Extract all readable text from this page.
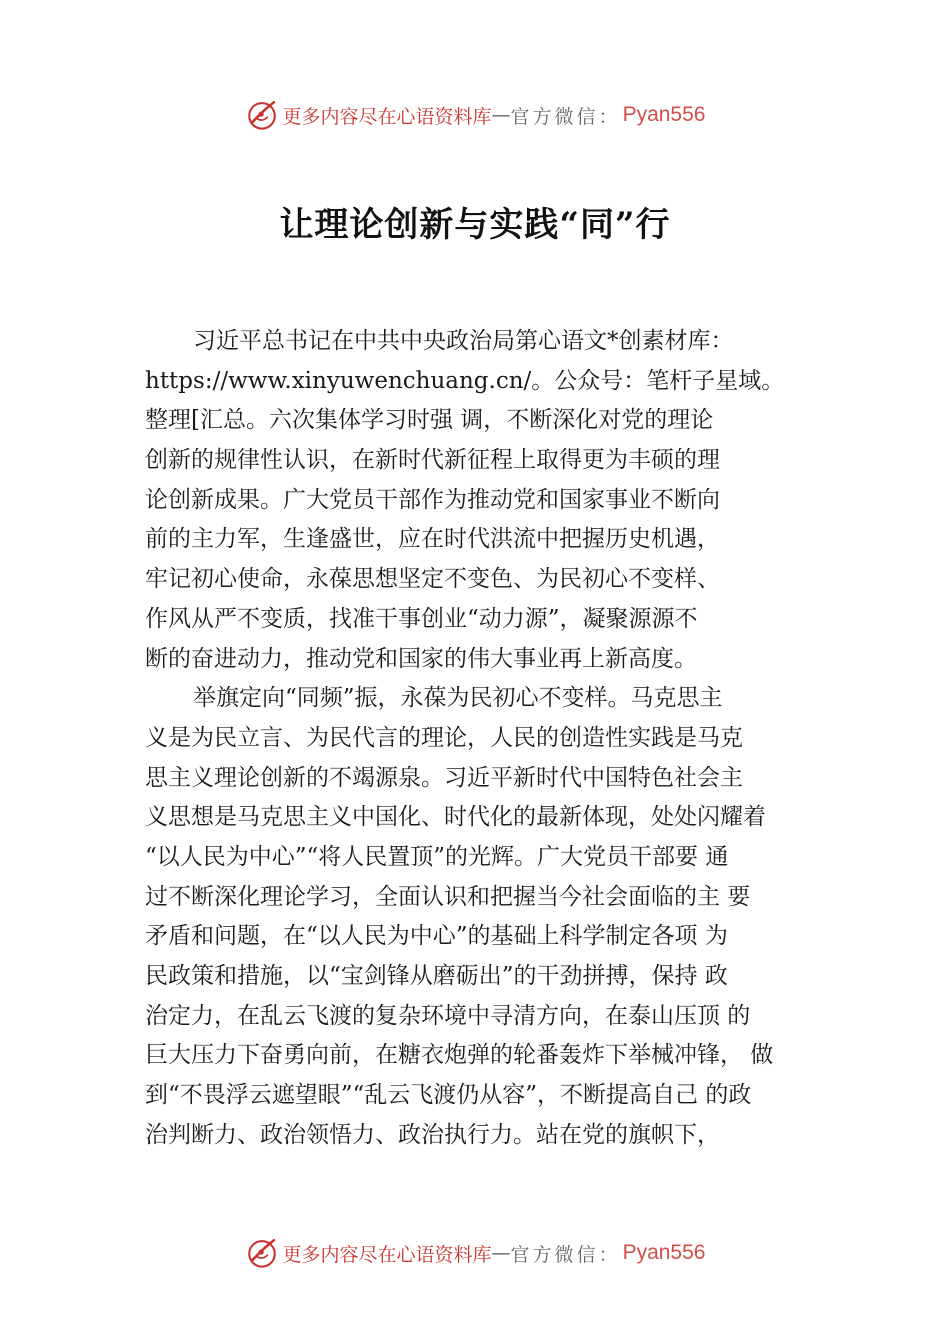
更多内容尽在心语资料库 — 官方微信： Pyan556
让理论创新与实践“同”行
习近平总书记在中共中央政治局第心语文*创素材库：
https://www.xinyuwenchuang.cn/。公众号：笔杆子星域。
整理[汇总。六次集体学习时强 调，不断深化对党的理论
创新的规律性认识，在新时代新征程上取得更为丰硕的理
论创新成果。广大党员干部作为推动党和国家事业不断向
前的主力军，生逢盛世，应在时代洪流中把握历史机遇，
牢记初心使命，永葆思想坚定不变色、为民初心不变样、
作风从严不变质，找准干事创业“动力源”，凝聚源源不
断的奋进动力，推动党和国家的伟大事业再上新高度。
举旗定向“同频”振，永葆为民初心不变样。马克思主
义是为民立言、为民代言的理论，人民的创造性实践是马克
思主义理论创新的不竭源泉。习近平新时代中国特色社会主
义思想是马克思主义中国化、时代化的最新体现，处处闪耀着
“以人民为中心”“将人民置顶”的光辉。广大党员干部要 通
过不断深化理论学习，全面认识和把握当今社会面临的主 要
矛盾和问题，在“以人民为中心”的基础上科学制定各项 为
民政策和措施，以“宝剑锋从磨砺出”的干劲拼搏，保持 政
治定力，在乱云飞渡的复杂环境中寻清方向，在泰山压顶 的
巨大压力下奋勇向前，在糖衣炮弹的轮番轰炸下举械冲锋， 做
到“不畏浮云遮望眼”“乱云飞渡仍从容”，不断提高自己 的政
治判断力、政治领悟力、政治执行力。站在党的旗帜下，
更多内容尽在心语资料库 — 官方微信： Pyan556
